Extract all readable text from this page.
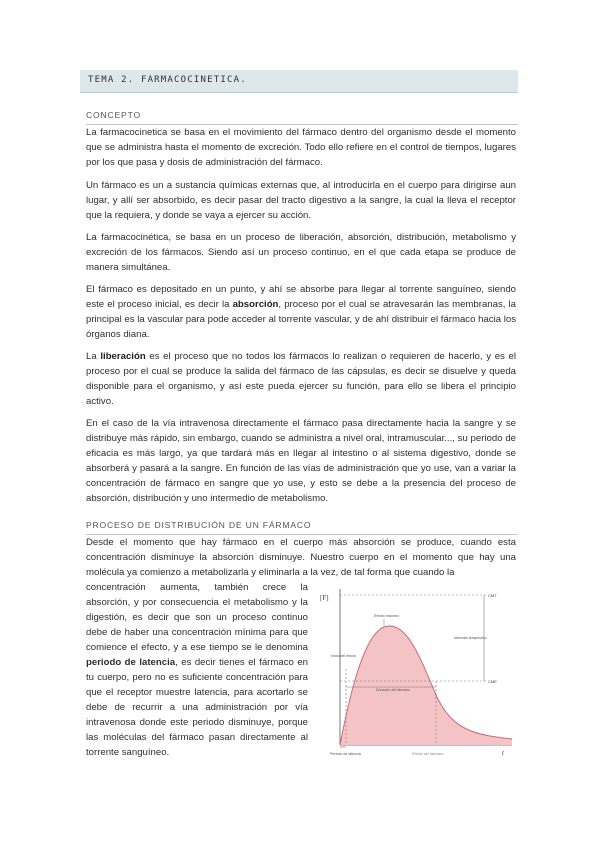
TEMA 2. FARMACOCINETICA.
CONCEPTO
La farmacocinetica se basa en el movimiento del fármaco dentro del organismo desde el momento que se administra hasta el momento de excreción. Todo ello refiere en el control de tiempos, lugares por los que pasa y dosis de administración del fármaco.
Un fármaco es un a sustancia químicas externas que, al introducirla en el cuerpo para dirigirse aun lugar, y allí ser absorbido, es decir pasar del tracto digestivo a la sangre, la cual la lleva el receptor que la requiera, y donde se vaya a ejercer su acción.
La farmacocinética, se basa en un proceso de liberación, absorción, distribución, metabolismo y excreción de los fármacos. Siendo así un proceso continuo, en el que cada etapa se produce de manera simultánea.
El fármaco es depositado en un punto, y ahí se absorbe para llegar al torrente sanguíneo, siendo este el proceso inicial, es decir la absorción, proceso por el cual se atravesarán las membranas, la principal es la vascular para pode acceder al torrente vascular, y de ahí distribuir el fármaco hacia los órganos diana.
La liberación es el proceso que no todos los fármacos lo realizan o requieren de hacerlo, y es el proceso por el cual se produce la salida del fármaco de las cápsulas, es decir se disuelve y queda disponible para el organismo, y así este pueda ejercer su función, para ello se libera el principio activo.
En el caso de la vía intravenosa directamente el fármaco pasa directamente hacia la sangre y se distribuye más rápido, sin embargo, cuando se administra a nivel oral, intramuscular..., su periodo de eficacia es más largo, ya que tardará más en llegar al intestino o al sistema digestivo, donde se absorberá y pasará a la sangre. En función de las vías de administración que yo use, van a variar la concentración de fármaco en sangre que yo use, y esto se debe a la presencia del proceso de absorción, distribución y uno intermedio de metabolismo.
PROCESO DE DISTRIBUCIÓN DE UN FÁRMACO
Desde el momento que hay fármaco en el cuerpo más absorción se produce, cuando esta concentración disminuye la absorción disminuye. Nuestro cuerpo en el momento que hay una molécula ya comienzo a metabolizarla y eliminarla a la vez, de tal forma que cuando la
concentración aumenta, también crece la absorción, y por consecuencia el metabolismo y la digestión, es decir que son un proceso continuo debe de haber una concentración mínima para que comience el efecto, y a ese tiempo se le denomina periodo de latencia, es decir tienes el fármaco en tu cuerpo, pero no es suficiente concentración para que el receptor muestre latencia, para acortarlo se debe de recurrir a una administración por vía intravenosa donde este periodo disminuye, porque las moléculas del fármaco pasan directamente al torrente sanguíneo.
[F]
t
CMT
CME
Intervalo terapéutico
Efecto máximo
Inicio del efecto
Duración del fármaco
Periodo de latencia	Efecto del fármaco
